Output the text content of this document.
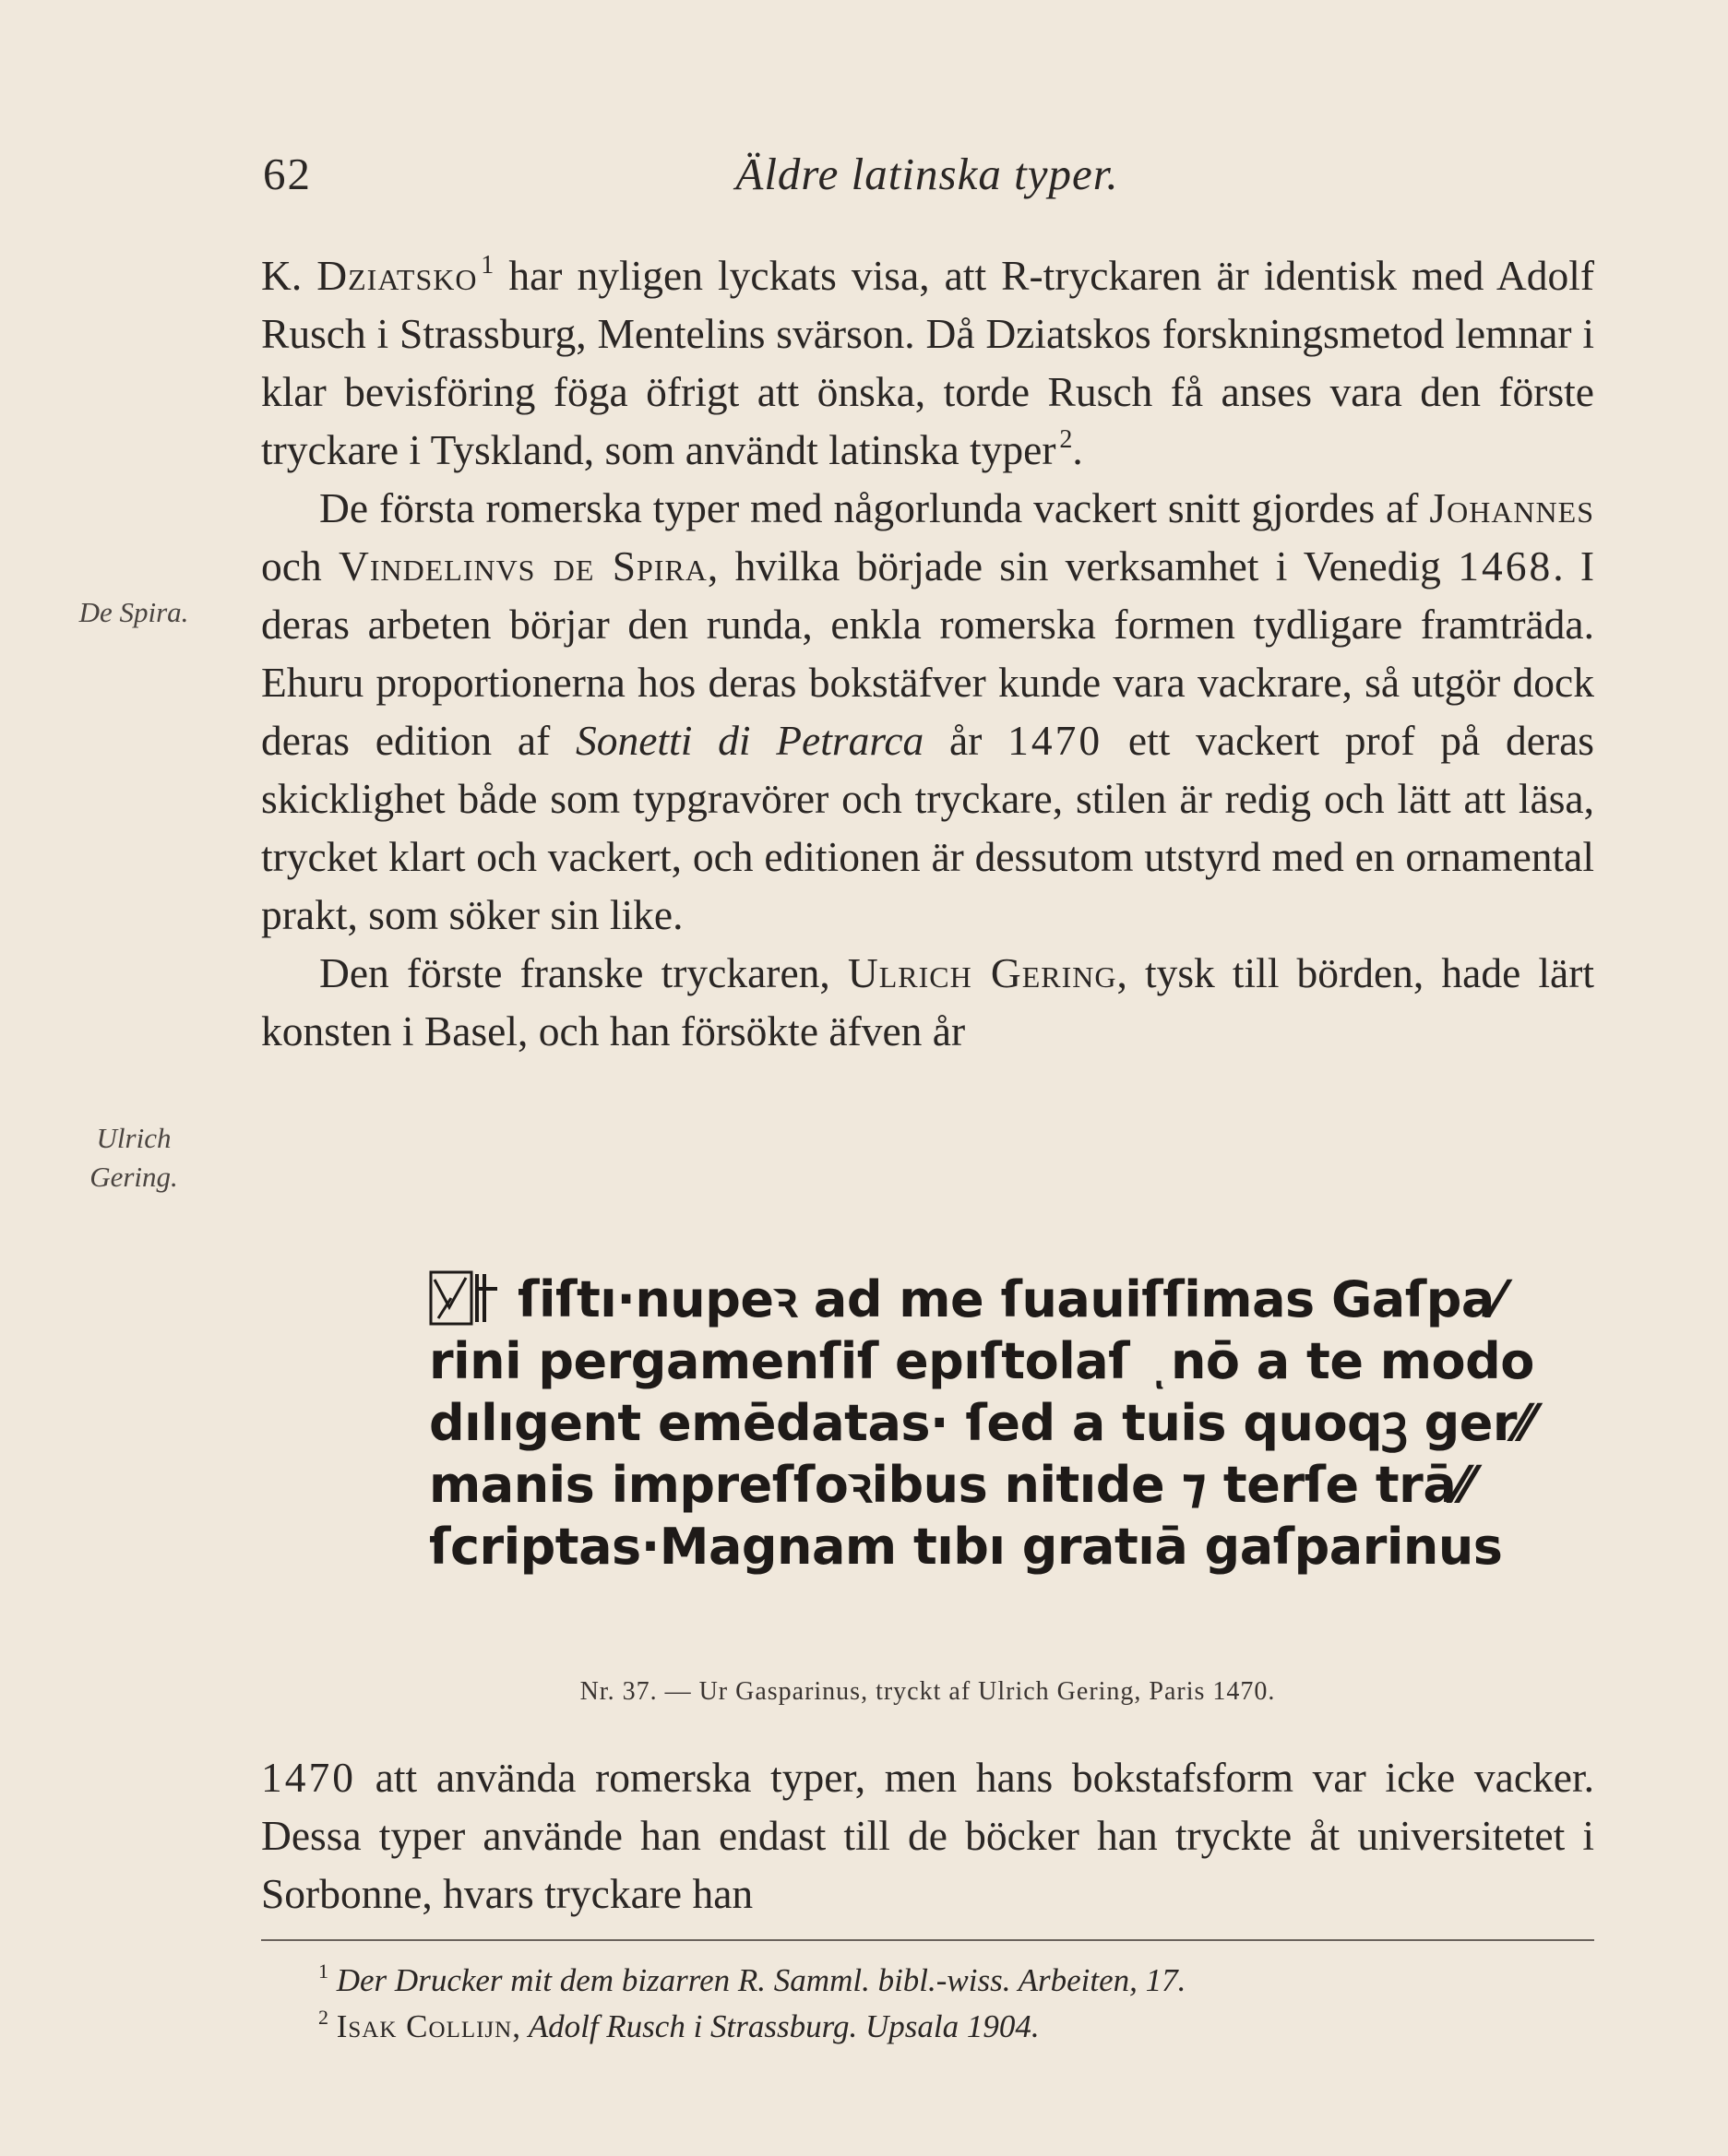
62	Äldre latinska typer.
De Spira.
Ulrich
Gering.

K. Dziatsko  $^1$ har nyligen lyckats visa, att R-tryckaren är identisk med Adolf Rusch i Strassburg, Mentelins svärson. Då Dziatskos forskningsmetod lemnar i klar bevisföring föga öfrigt att önska, torde Rusch få anses vara den förste tryckare i Tyskland, som användt latinska typer  $^2$.

De första romerska typer med någorlunda vackert snitt gjordes af Johannes och Vindelinvs de Spira, hvilka började sin verksamhet i Venedig 1468. I deras arbeten börjar den runda, enkla romerska formen tydligare framträda. Ehuru proportionerna hos deras bokstäfver kunde vara vackrare, så utgör dock deras edition af Sonetti di Petrarca år 1470 ett vackert prof på deras skicklighet både som typgravörer och tryckare, stilen är redig och lätt att läsa, trycket klart och vackert, och editionen är dessutom utstyrd med en ornamental prakt, som söker sin like.

Den förste franske tryckaren, Ulrich Gering, tysk till börden, hade lärt konsten i Basel, och han försökte äfven år

ſiſtı·nupeꝛ ad me ſuauiſſimas Gaſpa⁄
rini pergamenſiſ epıſtolaſ ͺnō a te modo
dılıgent emēdatas· ſed a tuis quoqꝫ ger⁄⁄
manis impreſſoꝛibus nitıde ⁊ terſe trā⁄⁄
ſcriptas·Magnam tıbı gratıā gaſparinus
Nr. 37. — Ur Gasparinus, tryckt af Ulrich Gering, Paris 1470.

1470 att använda romerska typer, men hans bokstafsform var icke vacker. Dessa typer använde han endast till de böcker han tryckte åt universitetet i Sorbonne, hvars tryckare han

$^1$ Der Drucker mit dem bizarren R. Samml. bibl.-wiss. Arbeiten, 17.
$^2$ Isak Collijn, Adolf Rusch i Strassburg. Upsala 1904.
